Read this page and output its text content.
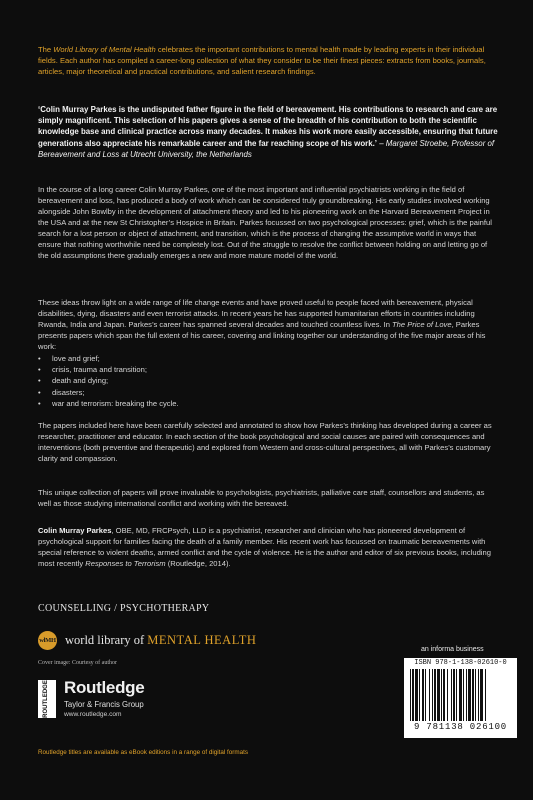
The World Library of Mental Health celebrates the important contributions to mental health made by leading experts in their individual fields. Each author has compiled a career-long collection of what they consider to be their finest pieces: extracts from books, journals, articles, major theoretical and practical contributions, and salient research findings.

‘Colin Murray Parkes is the undisputed father figure in the field of bereavement. His contributions to research and care are simply magnificent. This selection of his papers gives a sense of the breadth of his contribution to both the scientific knowledge base and clinical practice across many decades. It makes his work more easily accessible, ensuring that future generations also appreciate his remarkable career and the far reaching scope of his work.’ – Margaret Stroebe, Professor of Bereavement and Loss at Utrecht University, the Netherlands

In the course of a long career Colin Murray Parkes, one of the most important and influential psychiatrists working in the field of bereavement and loss, has produced a body of work which can be considered truly groundbreaking. His early studies involved working alongside John Bowlby in the development of attachment theory and led to his pioneering work on the Harvard Bereavement Project in the USA and at the new St Christopher’s Hospice in Britain. Parkes focussed on two psychological processes: grief, which is the painful search for a lost person or object of attachment, and transition, which is the process of changing the assumptive world in ways that ensure that nothing worthwhile need be completely lost. Out of the struggle to resolve the conflict between holding on and letting go of the old assumptions there gradually emerges a new and more mature model of the world.

These ideas throw light on a wide range of life change events and have proved useful to people faced with bereavement, physical disabilities, dying, disasters and even terrorist attacks. In recent years he has supported humanitarian efforts in countries including Rwanda, India and Japan. Parkes’s career has spanned several decades and touched countless lives. In The Price of Love, Parkes presents papers which span the full extent of his career, covering and linking together our understanding of the five major areas of his work:

• love and grief;
• crisis, trauma and transition;
• death and dying;
• disasters;
• war and terrorism: breaking the cycle.

The papers included here have been carefully selected and annotated to show how Parkes’s thinking has developed during a career as researcher, practitioner and educator. In each section of the book psychological and social causes are paired with consequences and interventions (both preventive and therapeutic) and explored from Western and cross-cultural perspectives, all with Parkes’s customary clarity and compassion.

This unique collection of papers will prove invaluable to psychologists, psychiatrists, palliative care staff, counsellors and students, as well as those studying international conflict and working with the bereaved.

Colin Murray Parkes, OBE, MD, FRCPsych, LLD is a psychiatrist, researcher and clinician who has pioneered development of psychological support for families facing the death of a family member. His recent work has focussed on traumatic bereavements with special reference to violent deaths, armed conflict and the cycle of violence. He is the author and editor of six previous books, including most recently Responses to Terrorism (Routledge, 2014).

COUNSELLING / PSYCHOTHERAPY
wlMH world library of MENTAL HEALTH
Cover image: Courtesy of author
ROUTLEDGE Routledge
Taylor & Francis Group
www.routledge.com
an informa business
ISBN 978-1-138-02610-0
9 781138 026100
Routledge titles are available as eBook editions in a range of digital formats
